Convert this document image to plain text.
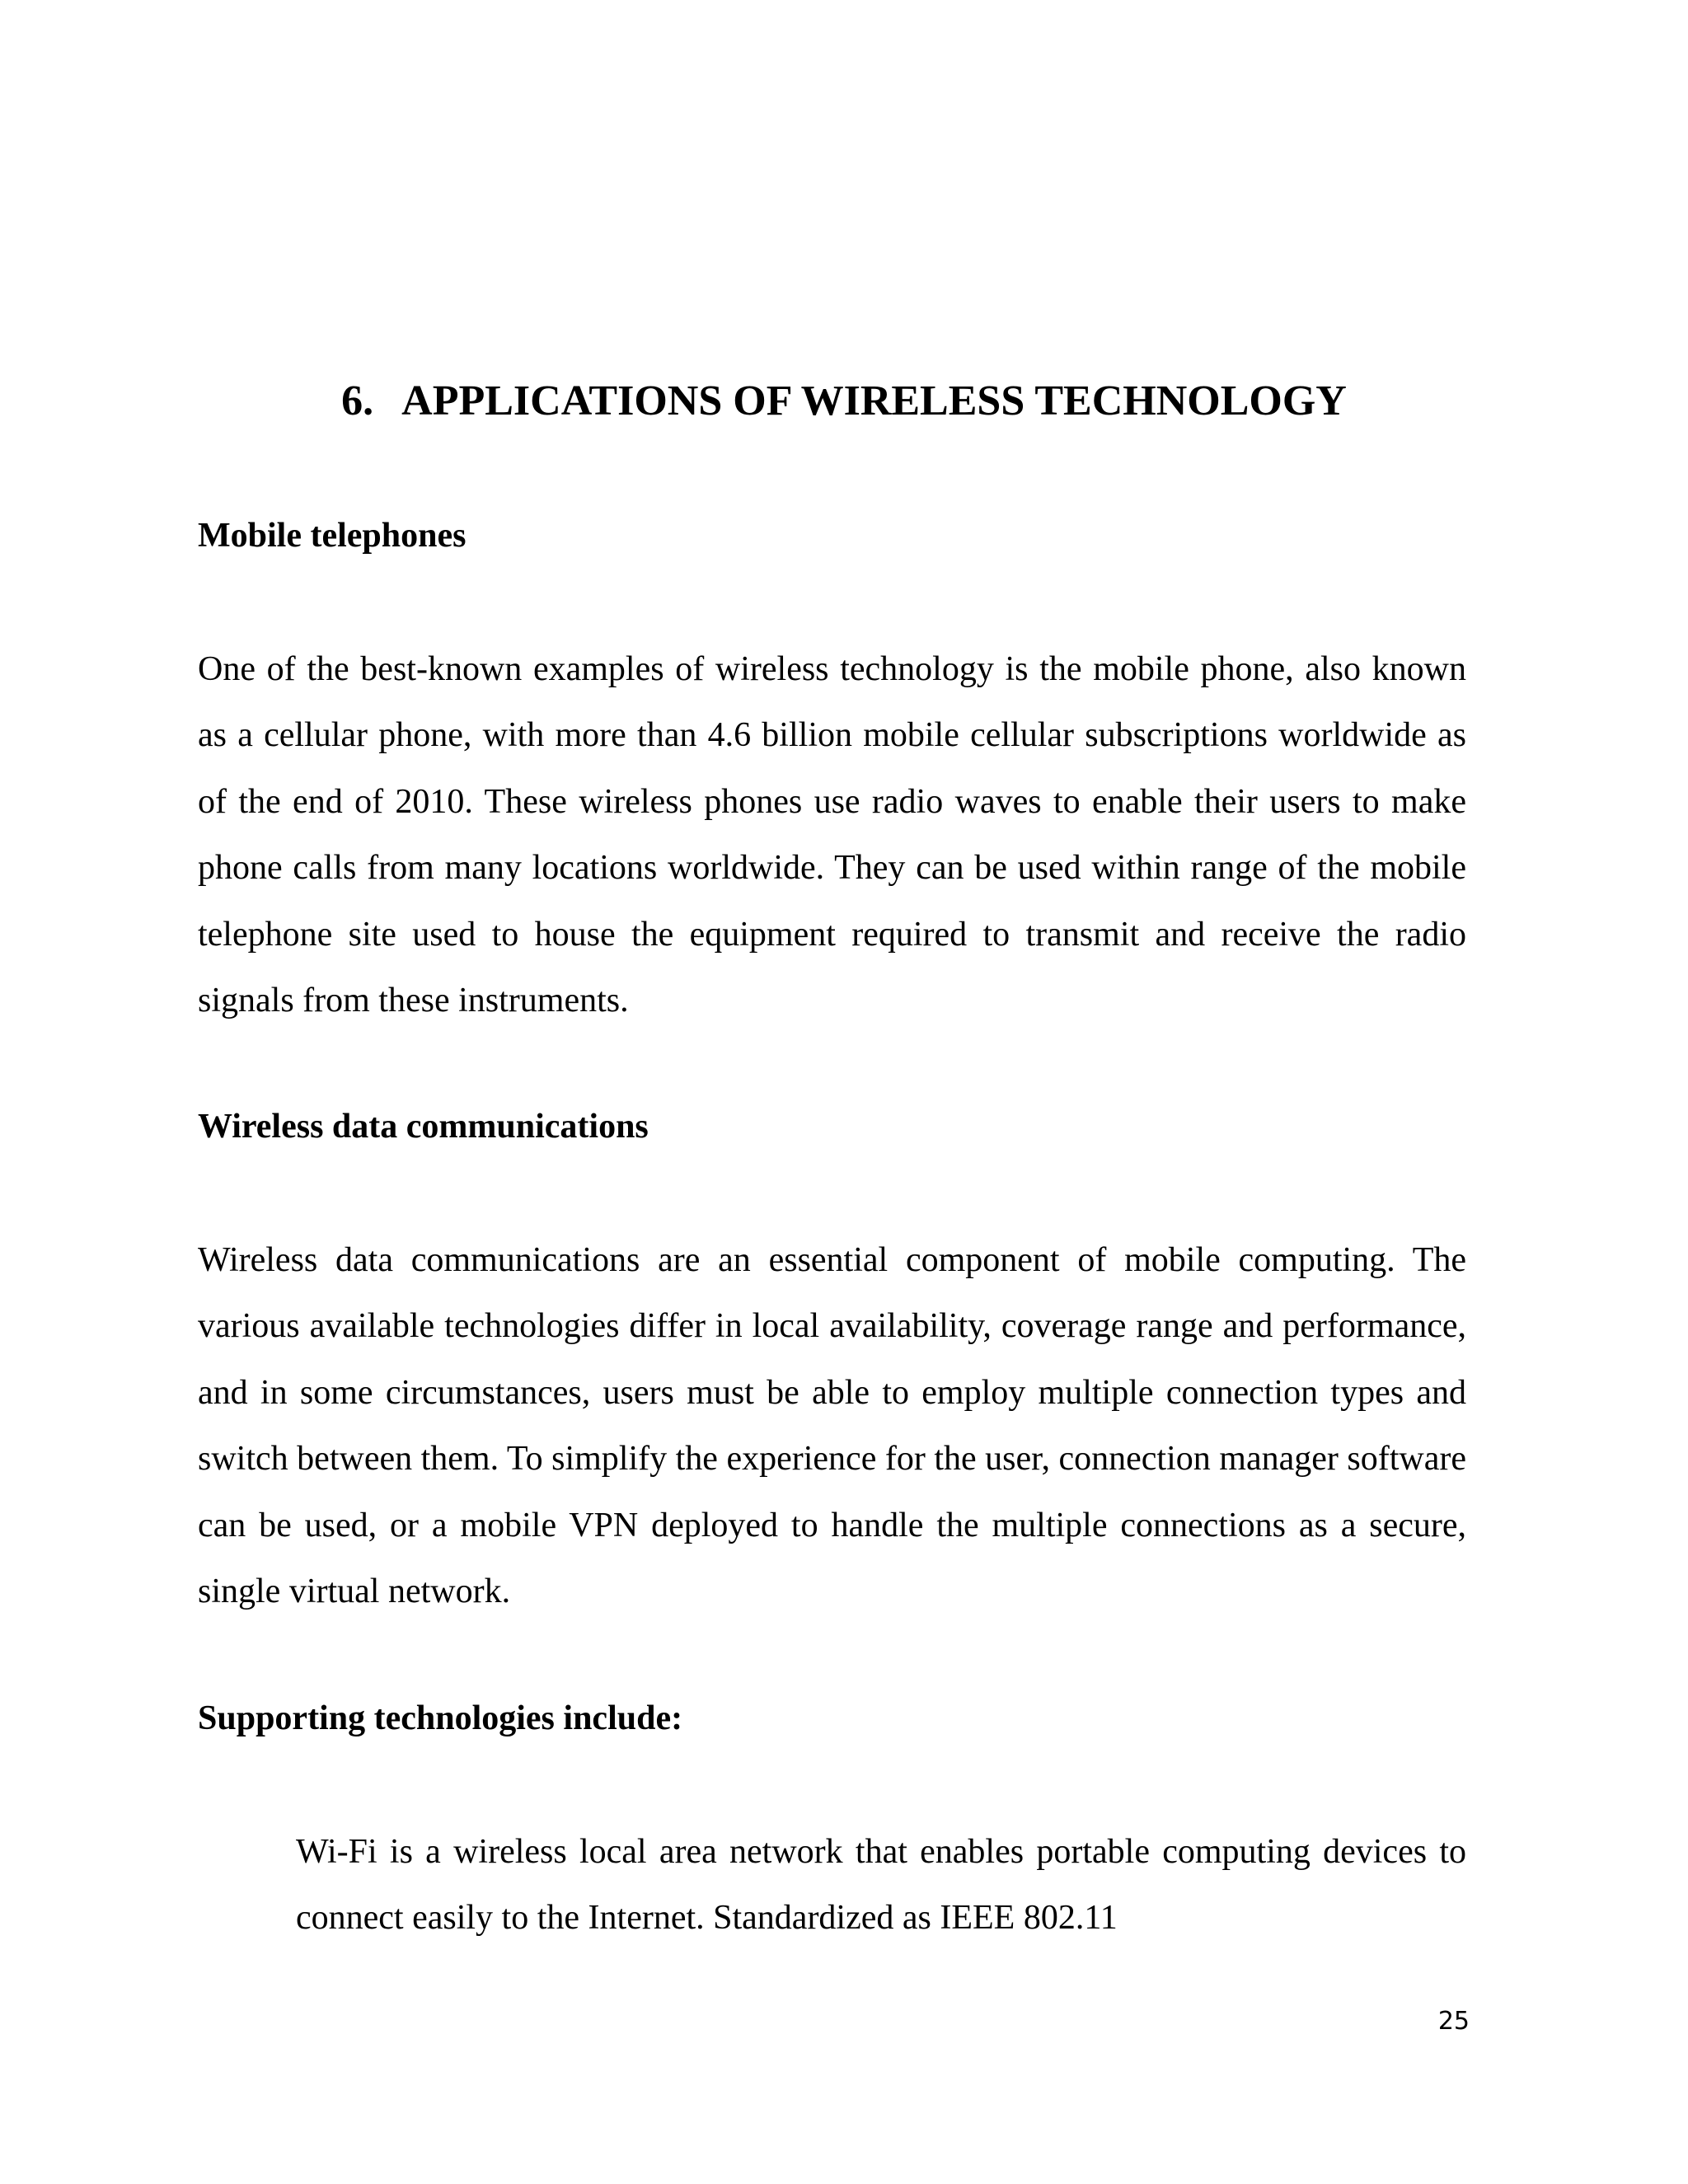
6. APPLICATIONS OF WIRELESS TECHNOLOGY
Mobile telephones

One of the best-known examples of wireless technology is the mobile phone, also known as a cellular phone, with more than 4.6 billion mobile cellular subscriptions worldwide as of the end of 2010. These wireless phones use radio waves to enable their users to make phone calls from many locations worldwide. They can be used within range of the mobile telephone site used to house the equipment required to transmit and receive the radio signals from these instruments.

Wireless data communications

Wireless data communications are an essential component of mobile computing. The various available technologies differ in local availability, coverage range and performance, and in some circumstances, users must be able to employ multiple connection types and switch between them. To simplify the experience for the user, connection manager software can be used, or a mobile VPN deployed to handle the multiple connections as a secure, single virtual network.

Supporting technologies include:

Wi-Fi is a wireless local area network that enables portable computing devices to connect easily to the Internet. Standardized as IEEE 802.11

25
